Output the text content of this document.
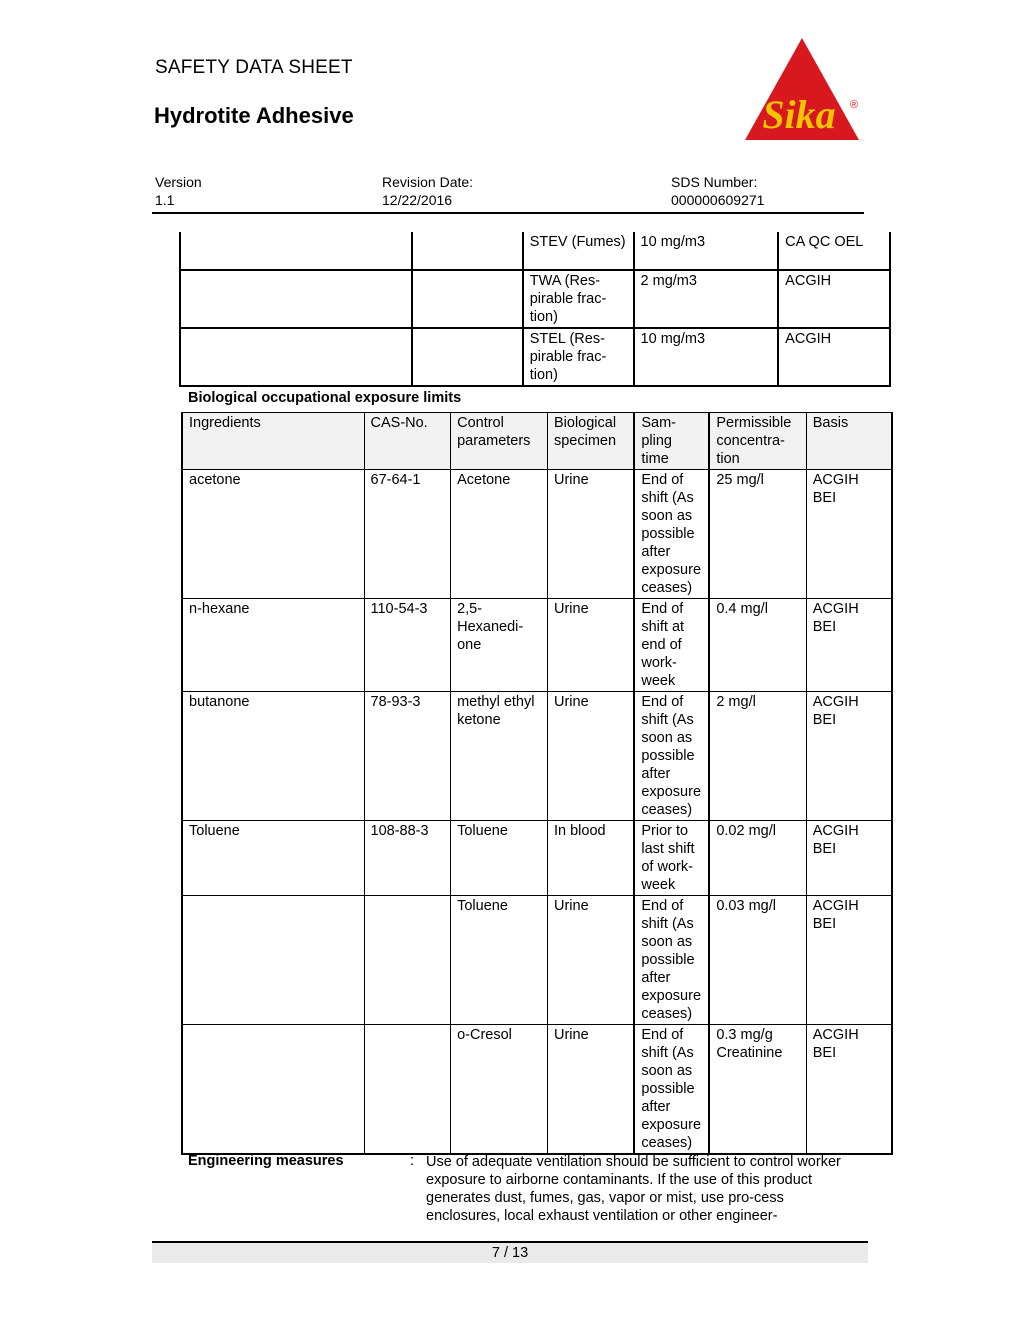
SAFETY DATA SHEET
Hydrotite Adhesive	Sika ®
Version
1.1
Revision Date:
12/22/2016
SDS Number:
000000609271
		STEV (Fumes)	10 mg/m3	CA QC OEL
		TWA (Res-pirable frac-tion)	2 mg/m3	ACGIH
		STEL (Res-pirable frac-tion)	10 mg/m3	ACGIH
Biological occupational exposure limits
Ingredients	CAS-No.	Control parameters	Biological specimen	Sam-pling time	Permissible concentra-tion	Basis
acetone	67-64-1	Acetone	Urine	End of shift (As soon as possible after exposure ceases)	25 mg/l	ACGIH BEI
n-hexane	110-54-3	2,5-Hexanedi-one	Urine	End of shift at end of work-week	0.4 mg/l	ACGIH BEI
butanone	78-93-3	methyl ethyl ketone	Urine	End of shift (As soon as possible after exposure ceases)	2 mg/l	ACGIH BEI
Toluene	108-88-3	Toluene	In blood	Prior to last shift of work-week	0.02 mg/l	ACGIH BEI
		Toluene	Urine	End of shift (As soon as possible after exposure ceases)	0.03 mg/l	ACGIH BEI
		o-Cresol	Urine	End of shift (As soon as possible after exposure ceases)	0.3 mg/g Creatinine	ACGIH BEI
Engineering measures	: Use of adequate ventilation should be sufficient to control worker exposure to airborne contaminants. If the use of this product generates dust, fumes, gas, vapor or mist, use pro-cess enclosures, local exhaust ventilation or other engineer-
7 / 13
